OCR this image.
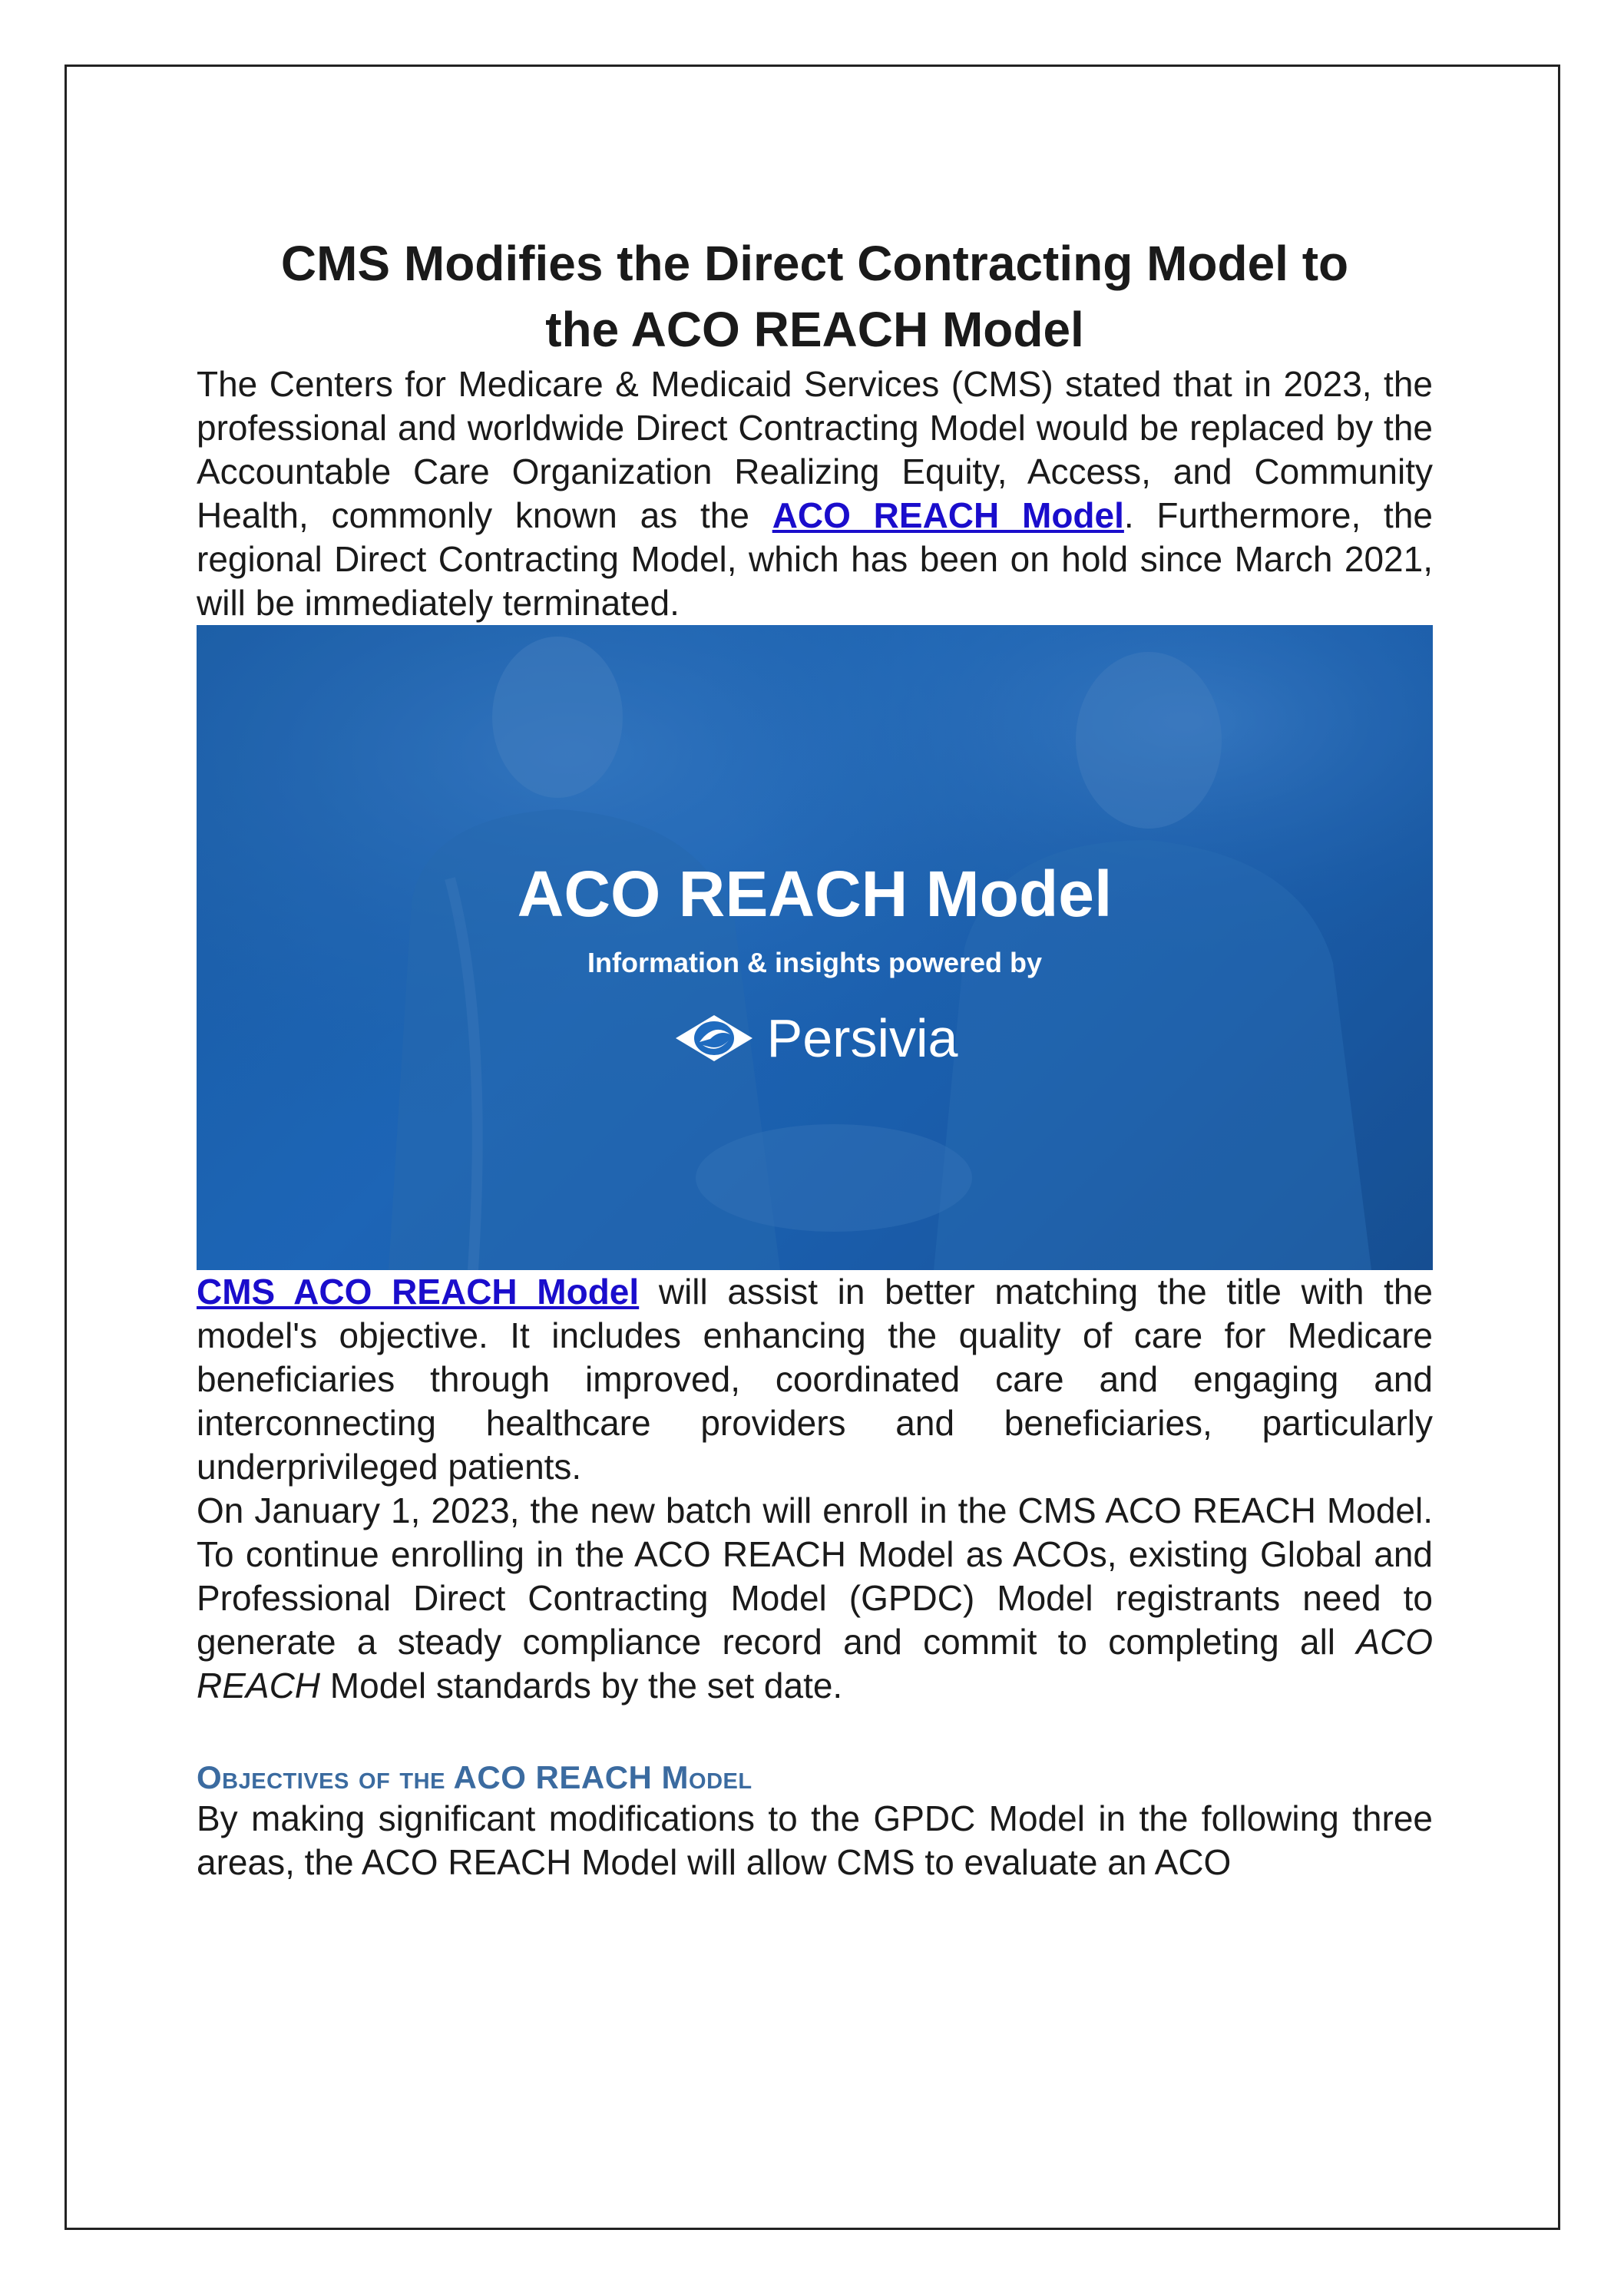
CMS Modifies the Direct Contracting Model to
the ACO REACH Model

The Centers for Medicare & Medicaid Services (CMS) stated that in 2023, the professional and worldwide Direct Contracting Model would be replaced by the Accountable Care Organization Realizing Equity, Access, and Community Health, commonly known as the ACO REACH Model. Furthermore, the regional Direct Contracting Model, which has been on hold since March 2021, will be immediately terminated.

ACO REACH Model
Information & insights powered by
Persivia

CMS ACO REACH Model will assist in better matching the title with the model's objective. It includes enhancing the quality of care for Medicare beneficiaries through improved, coordinated care and engaging and interconnecting healthcare providers and beneficiaries, particularly underprivileged patients.

On January 1, 2023, the new batch will enroll in the CMS ACO REACH Model. To continue enrolling in the ACO REACH Model as ACOs, existing Global and Professional Direct Contracting Model (GPDC) Model registrants need to generate a steady compliance record and commit to completing all ACO REACH Model standards by the set date.

Objectives of the ACO REACH Model

By making significant modifications to the GPDC Model in the following three areas, the ACO REACH Model will allow CMS to evaluate an ACO
